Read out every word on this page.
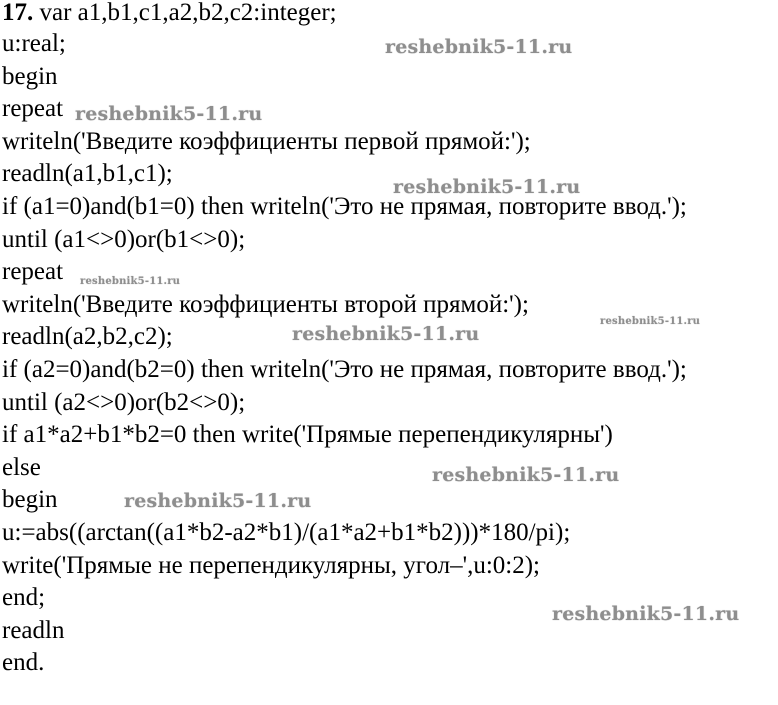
17. var a1,b1,c1,a2,b2,c2:integer;
u:real;
begin
repeat
writeln('Введите коэффициенты первой прямой:');
readln(a1,b1,c1);
if (a1=0)and(b1=0) then writeln('Это не прямая, повторите ввод.');
until (a1<>0)or(b1<>0);
repeat
writeln('Введите коэффициенты второй прямой:');
readln(a2,b2,c2);
if (a2=0)and(b2=0) then writeln('Это не прямая, повторите ввод.');
until (a2<>0)or(b2<>0);
if a1*a2+b1*b2=0 then write('Прямые перепендикулярны')
else
begin
u:=abs((arctan((a1*b2-a2*b1)/(a1*a2+b1*b2)))*180/pi);
write('Прямые не перепендикулярны, угол–',u:0:2);
end;
readln
end.
reshebnik5-11.ru
reshebnik5-11.ru
reshebnik5-11.ru
reshebnik5-11.ru
reshebnik5-11.ru
reshebnik5-11.ru
reshebnik5-11.ru
reshebnik5-11.ru
reshebnik5-11.ru
